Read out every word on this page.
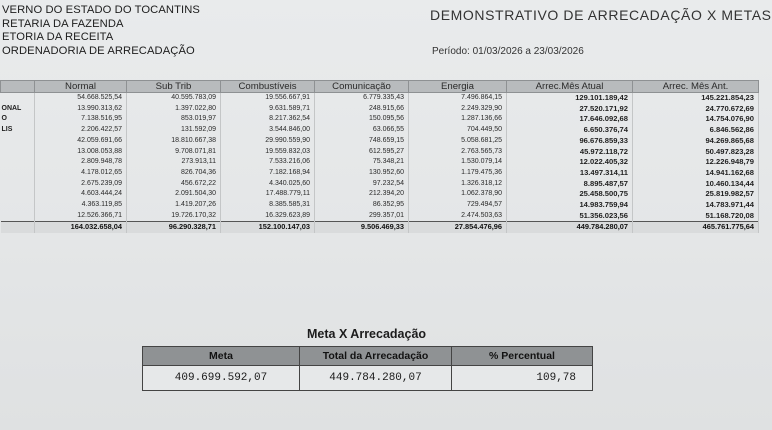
VERNO DO ESTADO DO TOCANTINS
RETARIA DA FAZENDA
ETORIA DA RECEITA
ORDENADORIA DE ARRECADAÇÃO
DEMONSTRATIVO DE ARRECADAÇÃO X METAS
Período: 01/03/2026 a 23/03/2026
	Normal	Sub Trib	Combustíveis	Comunicação	Energia	Arrec.Mês Atual	Arrec. Mês Ant.
	54.668.525,54	40.595.783,09	19.556.667,91	6.779.335,43	7.496.864,15	129.101.189,42	145.221.854,23
ONAL	13.990.313,62	1.397.022,80	9.631.589,71	248.915,66	2.249.329,90	27.520.171,92	24.770.672,69
O	7.138.516,95	853.019,97	8.217.362,54	150.095,56	1.287.136,66	17.646.092,68	14.754.076,90
LIS	2.206.422,57	131.592,09	3.544.846,00	63.066,55	704.449,50	6.650.376,74	6.846.562,86
	42.059.691,66	18.810.667,38	29.990.559,90	748.659,15	5.058.681,25	96.676.859,33	94.269.865,68
	13.008.053,88	9.708.071,81	19.559.832,03	612.595,27	2.763.565,73	45.972.118,72	50.497.823,28
	2.809.948,78	273.913,11	7.533.216,06	75.348,21	1.530.079,14	12.022.405,32	12.226.948,79
	4.178.012,65	826.704,36	7.182.168,94	130.952,60	1.179.475,36	13.497.314,11	14.941.162,68
	2.675.239,09	456.672,22	4.340.025,60	97.232,54	1.326.318,12	8.895.487,57	10.460.134,44
	4.603.444,24	2.091.504,30	17.488.779,11	212.394,20	1.062.378,90	25.458.500,75	25.819.982,57
	4.363.119,85	1.419.207,26	8.385.585,31	86.352,95	729.494,57	14.983.759,94	14.783.971,44
	12.526.366,71	19.726.170,32	16.329.623,89	299.357,01	2.474.503,63	51.356.023,56	51.168.720,08
	164.032.658,04	96.290.328,71	152.100.147,03	9.506.469,33	27.854.476,96	449.784.280,07	465.761.775,64
Meta X Arrecadação
Meta	Total da Arrecadação	% Percentual
409.699.592,07	449.784.280,07	109,78
